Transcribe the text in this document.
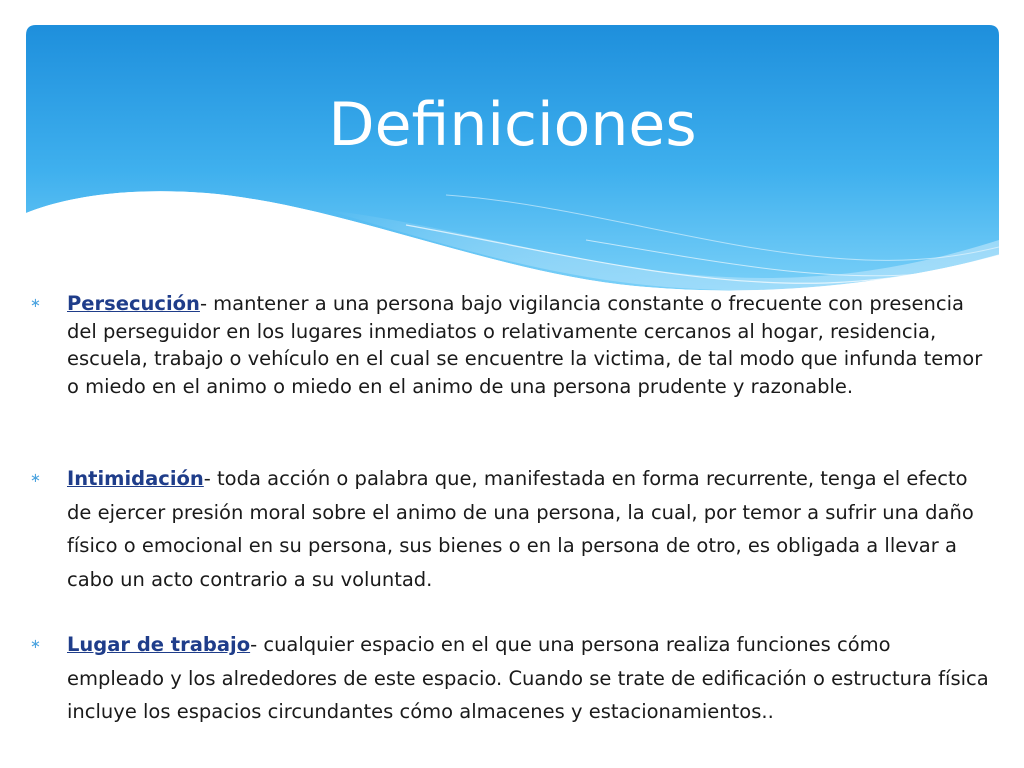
Definiciones
∗ Persecución- mantener a una persona bajo vigilancia constante o frecuente con presencia del perseguidor en los lugares inmediatos o relativamente cercanos al hogar, residencia, escuela, trabajo o vehículo en el cual se encuentre la victima, de tal modo que infunda temor o miedo en el animo o miedo en el animo de una persona prudente y razonable.
∗ Intimidación- toda acción o palabra que, manifestada en forma recurrente, tenga el efecto de ejercer presión moral sobre el animo de una persona, la cual, por temor a sufrir una daño físico o emocional en su persona, sus bienes o en la persona de otro, es obligada a llevar a cabo un acto contrario a su voluntad.
∗ Lugar de trabajo- cualquier espacio en el que una persona realiza funciones cómo empleado y los alrededores de este espacio. Cuando se trate de edificación o estructura física incluye los espacios circundantes cómo almacenes y estacionamientos..
